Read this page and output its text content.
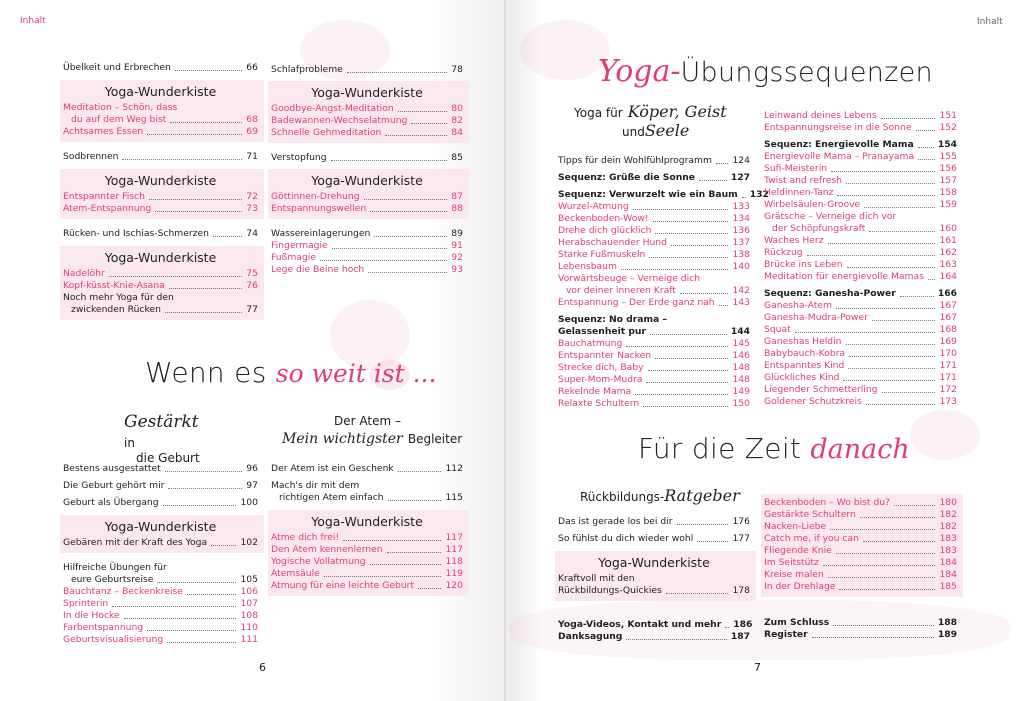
Inhalt
Übelkeit und Erbrechen	66
Yoga-Wunderkiste
Meditation – Schön, dass
du auf dem Weg bist	68
Achtsames Essen	69
Sodbrennen	71
Yoga-Wunderkiste
Entspannter Fisch	72
Atem-Entspannung	73
Rücken- und Ischias-Schmerzen	74
Yoga-Wunderkiste
Nadelöhr	75
Kopf-küsst-Knie-Asana	76
Noch mehr Yoga für den
zwickenden Rücken	77
Schlafprobleme	78
Yoga-Wunderkiste
Goodbye-Angst-Meditation	80
Badewannen-Wechselatmung	82
Schnelle Gehmeditation	84
Verstopfung	85
Yoga-Wunderkiste
Göttinnen-Drehung	87
Entspannungswellen	88
Wassereinlagerungen	89
Fingermagie	91
Fußmagie	92
Lege die Beine hoch	93
Wenn es so weit ist ...
Gestärkt in
die Geburt
Bestens ausgestattet	96
Die Geburt gehört mir	97
Geburt als Übergang	100
Yoga-Wunderkiste
Gebären mit der Kraft des Yoga	102
Hilfreiche Übungen für
eure Geburtsreise	105
Bauchtanz – Beckenkreise	106
Sprinterin	107
In die Hocke	108
Farbentspannung	110
Geburtsvisualisierung	111
Der Atem –
Mein wichtigster Begleiter
Der Atem ist ein Geschenk	112
Mach's dir mit dem
richtigen Atem einfach	115
Yoga-Wunderkiste
Atme dich frei!	117
Den Atem kennenlernen	117
Yogische Vollatmung	118
Atemsäule	119
Atmung für eine leichte Geburt	120
6
Inhalt
Yoga-Übungssequenzen
Yoga für Köper, Geist
undSeele
Tipps für dein Wohlfühlprogramm 124
Sequenz: Grüße die Sonne	127
Sequenz: Verwurzelt wie ein Baum 132
Wurzel-Atmung	133
Beckenboden-Wow!	134
Drehe dich glücklich	136
Herabschauender Hund	137
Starke Fußmuskeln	138
Lebensbaum	140
Vorwärtsbeuge – Verneige dich
vor deiner inneren Kraft	142
Entspannung – Der Erde ganz nah 143
Sequenz: No drama –
Gelassenheit pur	144
Bauchatmung	145
Entspannter Nacken	146
Strecke dich, Baby	148
Super-Mom-Mudra	148
Rekelnde Mama	149
Relaxte Schultern	150
Leinwand deines Lebens	151
Entspannungsreise in die Sonne	152
Sequenz: Energievolle Mama	154
Energievolle Mama – Pranayama	155
Sufi-Meisterin	156
Twist and refresh	157
Heldinnen-Tanz	158
Wirbelsäulen-Groove	159
Grätsche – Verneige dich vor
der Schöpfungskraft	160
Waches Herz	161
Rückzug	162
Brücke ins Leben	163
Meditation für energievolle Mamas 164
Sequenz: Ganesha-Power	166
Ganesha-Atem	167
Ganesha-Mudra-Power	167
Squat	168
Ganeshas Heldin	169
Babybauch-Kobra	170
Entspanntes Kind	171
Glückliches Kind	171
Liegender Schmetterling	172
Goldener Schutzkreis	173
Für die Zeit danach
Rückbildungs-Ratgeber
Das ist gerade los bei dir	176
So fühlst du dich wieder wohl	177
Yoga-Wunderkiste
Kraftvoll mit den
Rückbildungs-Quickies	178
Yoga-Videos, Kontakt und mehr 186
Danksagung	187
Beckenboden – Wo bist du?	180
Gestärkte Schultern	182
Nacken-Liebe	182
Catch me, if you can	183
Fliegende Knie	183
Im Seitstütz	184
Kreise malen	184
In der Drehlage	185
Zum Schluss	188
Register	189
7
